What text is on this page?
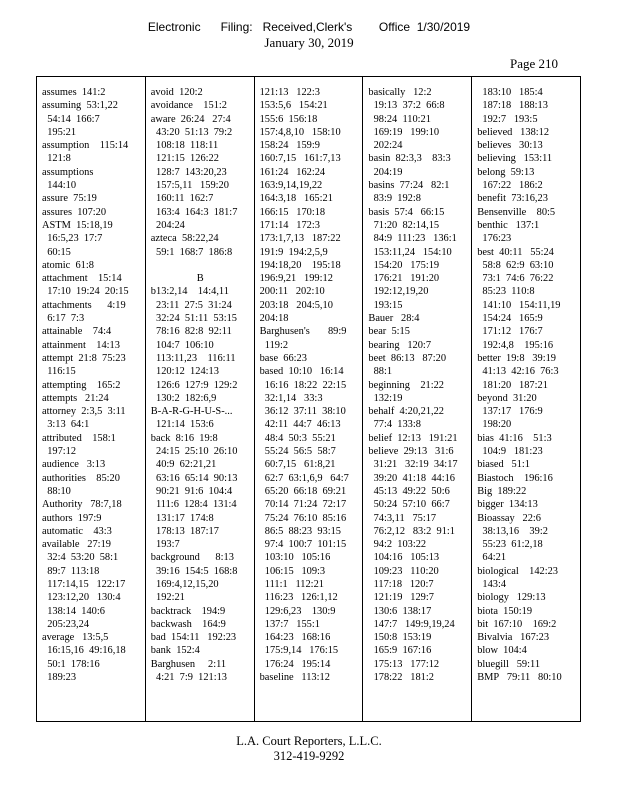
Electronic      Filing:   Received,Clerk's        Office  1/30/2019
January 30, 2019
Page 210
assumes  141:2
assuming  53:1,22
54:14  166:7
195:21
assumption    115:14
121:8
assumptions
144:10
assure  75:19
assures  107:20
ASTM  15:18,19
16:5,23  17:7
60:15
atomic  61:8
attachment    15:14
17:10  19:24  20:15
attachments      4:19
6:17  7:3
attainable    74:4
attainment    14:13
attempt  21:8  75:23
116:15
attempting    165:2
attempts   21:24
attorney  2:3,5  3:11
3:13  64:1
attributed    158:1
197:12
audience   3:13
authorities    85:20
88:10
Authority   78:7,18
authors  197:9
automatic    43:3
available   27:19
32:4  53:20  58:1
89:7  113:18
117:14,15   122:17
123:12,20   130:4
138:14  140:6
205:23,24
average   13:5,5
16:15,16  49:16,18
50:1  178:16
189:23
avoid  120:2
avoidance    151:2
aware  26:24   27:4
43:20  51:13  79:2
108:18  118:11
121:15  126:22
128:7  143:20,23
157:5,11   159:20
160:11  162:7
163:4  164:3  181:7
204:24
azteca  58:22,24
59:1  168:7  186:8

B
b13:2,14    14:4,11
23:11  27:5  31:24
32:24  51:11  53:15
78:16  82:8  92:11
104:7  106:10
113:11,23    116:11
120:12  124:13
126:6  127:9  129:2
130:2  182:6,9
B-A-R-G-H-U-S-...
121:14  153:6
back  8:16  19:8
24:15  25:10  26:10
40:9  62:21,21
63:16  65:14  90:13
90:21  91:6  104:4
111:6  128:4  131:4
131:17  174:8
178:13  187:17
193:7
background      8:13
39:16  154:5  168:8
169:4,12,15,20
192:21
backtrack    194:9
backwash    164:9
bad  154:11   192:23
bank  152:4
Barghusen     2:11
4:21  7:9  121:13
121:13   122:3
153:5,6   154:21
155:6  156:18
157:4,8,10   158:10
158:24   159:9
160:7,15   161:7,13
161:24   162:24
163:9,14,19,22
164:3,18   165:21
166:15   170:18
171:14   172:3
173:1,7,13   187:22
191:9  194:2,5,9
194:18,20    195:18
196:9,21   199:12
200:11   202:10
203:18   204:5,10
204:18
Barghusen's       89:9
119:2
base  66:23
based  10:10   16:14
16:16  18:22  22:15
32:1,14   33:3
36:12  37:11  38:10
42:11  44:7  46:13
48:4  50:3  55:21
55:24  56:5  58:7
60:7,15   61:8,21
62:7  63:1,6,9   64:7
65:20  66:18  69:21
70:14  71:24  72:17
75:24  76:10  85:16
86:5  88:23  93:15
97:4  100:7  101:15
103:10   105:16
106:15   109:3
111:1   112:21
116:23   126:1,12
129:6,23    130:9
137:7   155:1
164:23   168:16
175:9,14   176:15
176:24   195:14
baseline   113:12
basically   12:2
19:13  37:2  66:8
98:24  110:21
169:19   199:10
202:24
basin  82:3,3    83:3
204:19
basins  77:24   82:1
83:9  192:8
basis  57:4   66:15
71:20  82:14,15
84:9  111:23   136:1
153:11,24   154:10
154:20   175:19
176:21   191:20
192:12,19,20
193:15
Bauer   28:4
bear  5:15
bearing   120:7
beet  86:13   87:20
88:1
beginning    21:22
132:19
behalf  4:20,21,22
77:4  133:8
belief  12:13   191:21
believe  29:13   31:6
31:21   32:19  34:17
39:20  41:18  44:16
45:13  49:22  50:6
50:24  57:10  66:7
74:3,11   75:17
76:2,12   83:2  91:1
94:2  103:22
104:16   105:13
109:23   110:20
117:18   120:7
121:19   129:7
130:6  138:17
147:7   149:9,19,24
150:8  153:19
165:9  167:16
175:13   177:12
178:22   181:2
183:10   185:4
187:18   188:13
192:7   193:5
believed   138:12
believes   30:13
believing   153:11
belong  59:13
167:22   186:2
benefit  73:16,23
Bensenville    80:5
benthic   137:1
176:23
best  40:11   55:24
58:8  62:9  63:10
73:1  74:6  76:22
85:23  110:8
141:10   154:11,19
154:24   165:9
171:12   176:7
192:4,8    195:16
better  19:8   39:19
41:13  42:16  76:3
181:20   187:21
beyond  31:20
137:17   176:9
198:20
bias  41:16    51:3
104:9   181:23
biased   51:1
Biastoch    196:16
Big  189:22
bigger  134:13
Bioassay   22:6
38:13,16    39:2
55:23  61:2,18
64:21
biological    142:23
143:4
biology   129:13
biota  150:19
bit  167:10    169:2
Bivalvia   167:23
blow  104:4
bluegill   59:11
BMP   79:11   80:10
L.A. Court Reporters, L.L.C.
312-419-9292
